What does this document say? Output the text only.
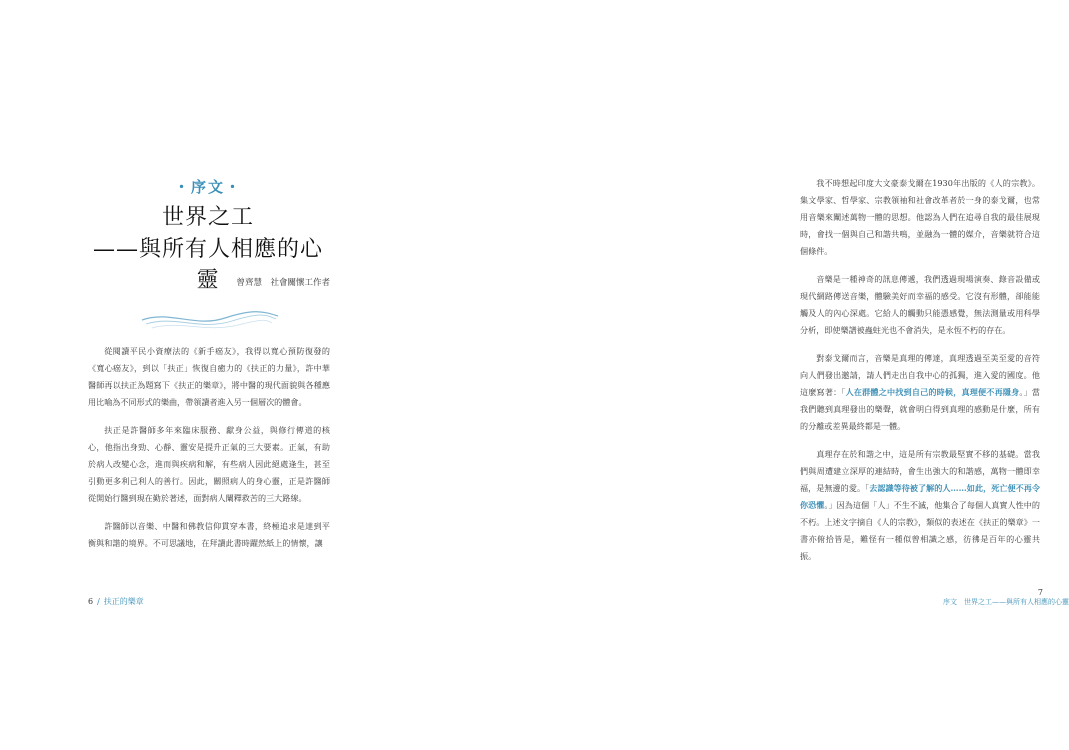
・序文・
世界之工
——與所有人相應的心靈	曾齊慧　社會關懷工作者

從閱讀平民小資療法的《新手癌友》，我得以寬心預防復發的《寬心癌友》，到以「扶正」恢復自癒力的《扶正的力量》，許中華醫師再以扶正為題寫下《扶正的樂章》，將中醫的現代面貌與各種應用比喻為不同形式的樂曲，帶領讀者進入另一個層次的體會。

扶正是許醫師多年來臨床服務、獻身公益，與修行傳道的核心，他指出身勁、心靜、靈安是提升正氣的三大要素。正氣，有助於病人改變心念，進而與疾病和解，有些病人因此絕處逢生，甚至引動更多利己利人的善行。因此，關照病人的身心靈，正是許醫師從開始行醫到現在勤於著述，面對病人闡釋救苦的三大路線。

許醫師以音樂、中醫和佛教信仰貫穿本書，終極追求是達到平衡與和諧的境界。不可思議地，在拜讀此書時躍然紙上的情懷，讓

6 / 扶正的樂章

我不時想起印度大文豪泰戈爾在1930年出版的《人的宗教》。集文學家、哲學家、宗教領袖和社會改革者於一身的泰戈爾，也常用音樂來闡述萬物一體的思想。他認為人們在追尋自我的最佳展現時，會找一個與自己和諧共鳴，並融為一體的媒介，音樂就符合這個條件。

音樂是一種神奇的訊息傳遞，我們透過現場演奏、錄音設備或現代網路傳送音樂，體驗美好而幸福的感受。它沒有形體，卻能能觸及人的內心深處。它給人的觸動只能憑感覺，無法測量或用科學分析，即使樂譜被蟲蛀光也不會消失，是永恆不朽的存在。

對泰戈爾而言，音樂是真理的傳達，真理透過至美至愛的音符向人們發出邀請，請人們走出自我中心的孤獨，進入愛的國度。他這麼寫著：「人在群體之中找到自己的時候，真理便不再隱身。」當我們聽到真理發出的樂聲，就會明白得到真理的感動是什麼，所有的分離或差異最終都是一體。

真理存在於和諧之中，這是所有宗教最堅實不移的基礎。當我們與周遭建立深厚的連結時，會生出強大的和諧感，萬物一體即幸福，是無邊的愛。「去認識等待被了解的人……如此，死亡便不再令你恐懼。」因為這個「人」不生不滅，他集合了每個人真實人性中的不朽。上述文字摘自《人的宗教》，類似的表述在《扶正的樂章》一書亦俯拾皆是，難怪有一種似曾相識之感，彷彿是百年的心靈共振。

7
序文　世界之工——與所有人相應的心靈
